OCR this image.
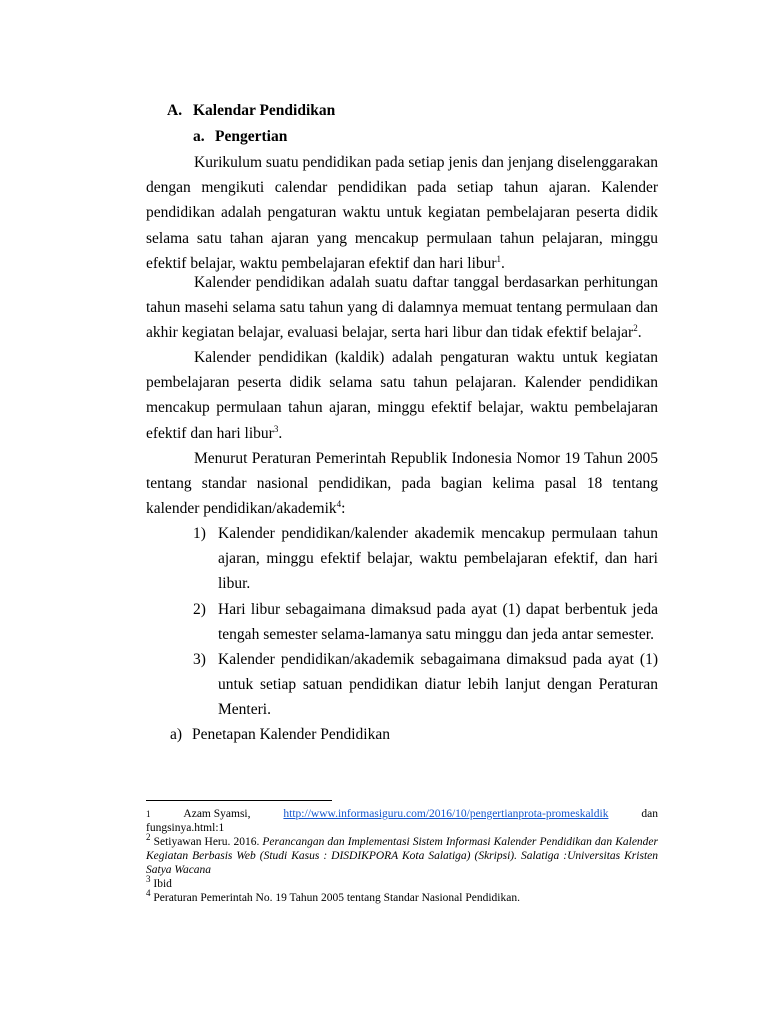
A. Kalendar Pendidikan
a. Pengertian

Kurikulum suatu pendidikan pada setiap jenis dan jenjang diselenggarakan dengan mengikuti calendar pendidikan pada setiap tahun ajaran. Kalender pendidikan adalah pengaturan waktu untuk kegiatan pembelajaran peserta didik selama satu tahan ajaran yang mencakup permulaan tahun pelajaran, minggu efektif belajar, waktu pembelajaran efektif dan hari libur$^1$.

Kalender pendidikan adalah suatu daftar tanggal berdasarkan perhitungan tahun masehi selama satu tahun yang di dalamnya memuat tentang permulaan dan akhir kegiatan belajar, evaluasi belajar, serta hari libur dan tidak efektif belajar$^2$.

Kalender pendidikan (kaldik) adalah pengaturan waktu untuk kegiatan pembelajaran peserta didik selama satu tahun pelajaran. Kalender pendidikan mencakup permulaan tahun ajaran, minggu efektif belajar, waktu pembelajaran efektif dan hari libur$^3$.

Menurut Peraturan Pemerintah Republik Indonesia Nomor 19 Tahun 2005 tentang standar nasional pendidikan, pada bagian kelima pasal 18 tentang kalender pendidikan/akademik$^4$:

1) Kalender pendidikan/kalender akademik mencakup permulaan tahun ajaran, minggu efektif belajar, waktu pembelajaran efektif, dan hari libur.
2) Hari libur sebagaimana dimaksud pada ayat (1) dapat berbentuk jeda tengah semester selama-lamanya satu minggu dan jeda antar semester.
3) Kalender pendidikan/akademik sebagaimana dimaksud pada ayat (1) untuk setiap satuan pendidikan diatur lebih lanjut dengan Peraturan Menteri.
a) Penetapan Kalender Pendidikan
1	Azam Syamsi,	http://www.informasiguru.com/2016/10/pengertianprota-promeskaldik	dan
fungsinya.html:1
$^2$ Setiyawan Heru. 2016. Perancangan dan Implementasi Sistem Informasi Kalender Pendidikan dan Kalender Kegiatan Berbasis Web (Studi Kasus : DISDIKPORA Kota Salatiga) (Skripsi). Salatiga :Universitas Kristen Satya Wacana
$^3$ Ibid
$^4$ Peraturan Pemerintah No. 19 Tahun 2005 tentang Standar Nasional Pendidikan.
